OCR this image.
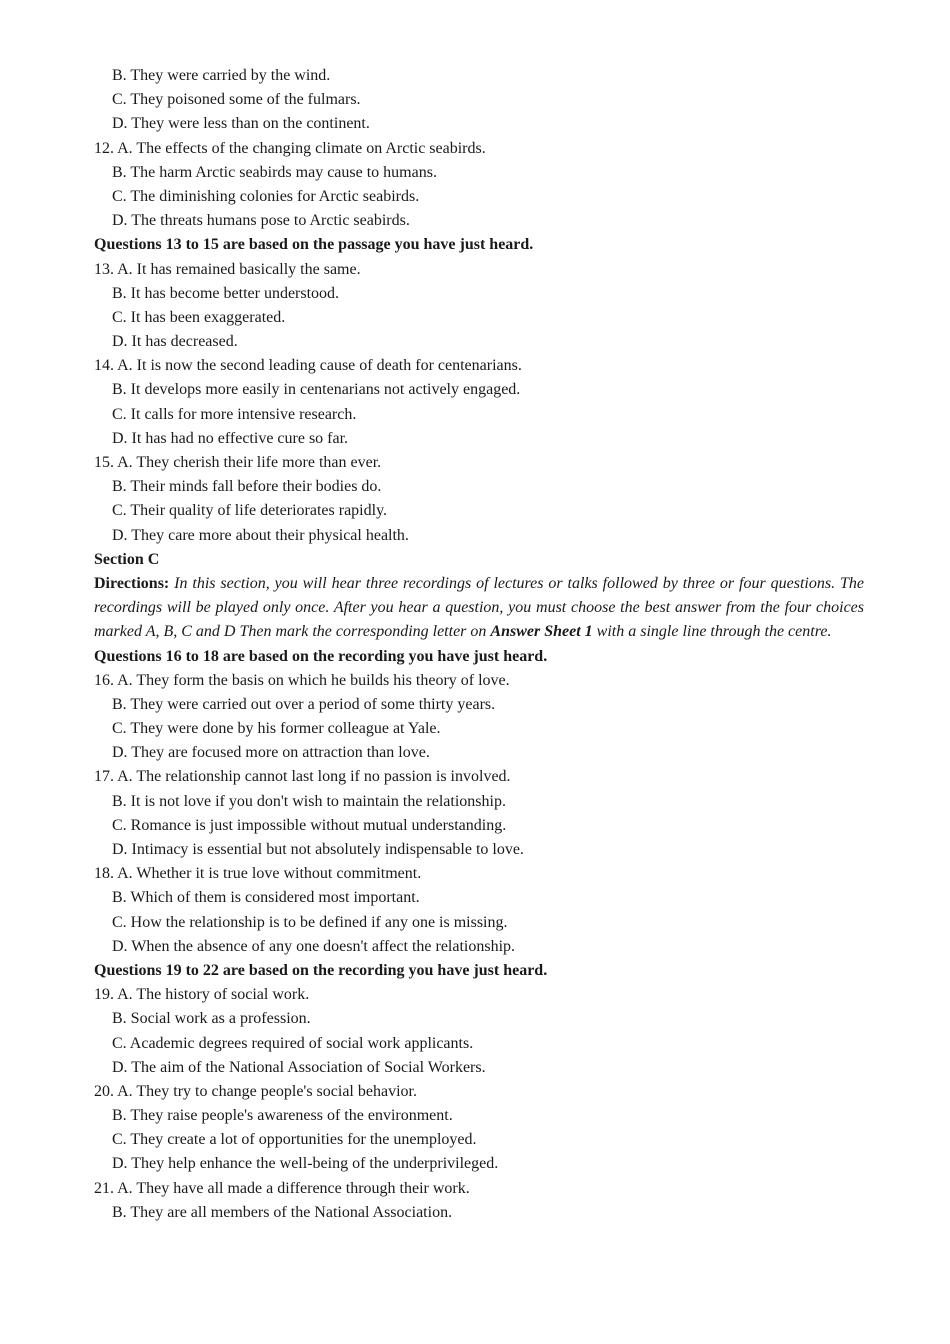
B. They were carried by the wind.
C. They poisoned some of the fulmars.
D. They were less than on the continent.
12. A. The effects of the changing climate on Arctic seabirds.
B. The harm Arctic seabirds may cause to humans.
C. The diminishing colonies for Arctic seabirds.
D. The threats humans pose to Arctic seabirds.
Questions 13 to 15 are based on the passage you have just heard.
13. A. It has remained basically the same.
B. It has become better understood.
C. It has been exaggerated.
D. It has decreased.
14. A. It is now the second leading cause of death for centenarians.
B. It develops more easily in centenarians not actively engaged.
C. It calls for more intensive research.
D. It has had no effective cure so far.
15. A. They cherish their life more than ever.
B. Their minds fall before their bodies do.
C. Their quality of life deteriorates rapidly.
D. They care more about their physical health.
Section C
Directions: In this section, you will hear three recordings of lectures or talks followed by three or four questions. The recordings will be played only once. After you hear a question, you must choose the best answer from the four choices marked A, B, C and D Then mark the corresponding letter on Answer Sheet 1 with a single line through the centre.
Questions 16 to 18 are based on the recording you have just heard.
16. A. They form the basis on which he builds his theory of love.
B. They were carried out over a period of some thirty years.
C. They were done by his former colleague at Yale.
D. They are focused more on attraction than love.
17. A. The relationship cannot last long if no passion is involved.
B. It is not love if you don't wish to maintain the relationship.
C. Romance is just impossible without mutual understanding.
D. Intimacy is essential but not absolutely indispensable to love.
18. A. Whether it is true love without commitment.
B. Which of them is considered most important.
C. How the relationship is to be defined if any one is missing.
D. When the absence of any one doesn't affect the relationship.
Questions 19 to 22 are based on the recording you have just heard.
19. A. The history of social work.
B. Social work as a profession.
C. Academic degrees required of social work applicants.
D. The aim of the National Association of Social Workers.
20. A. They try to change people's social behavior.
B. They raise people's awareness of the environment.
C. They create a lot of opportunities for the unemployed.
D. They help enhance the well-being of the underprivileged.
21. A. They have all made a difference through their work.
B. They are all members of the National Association.
